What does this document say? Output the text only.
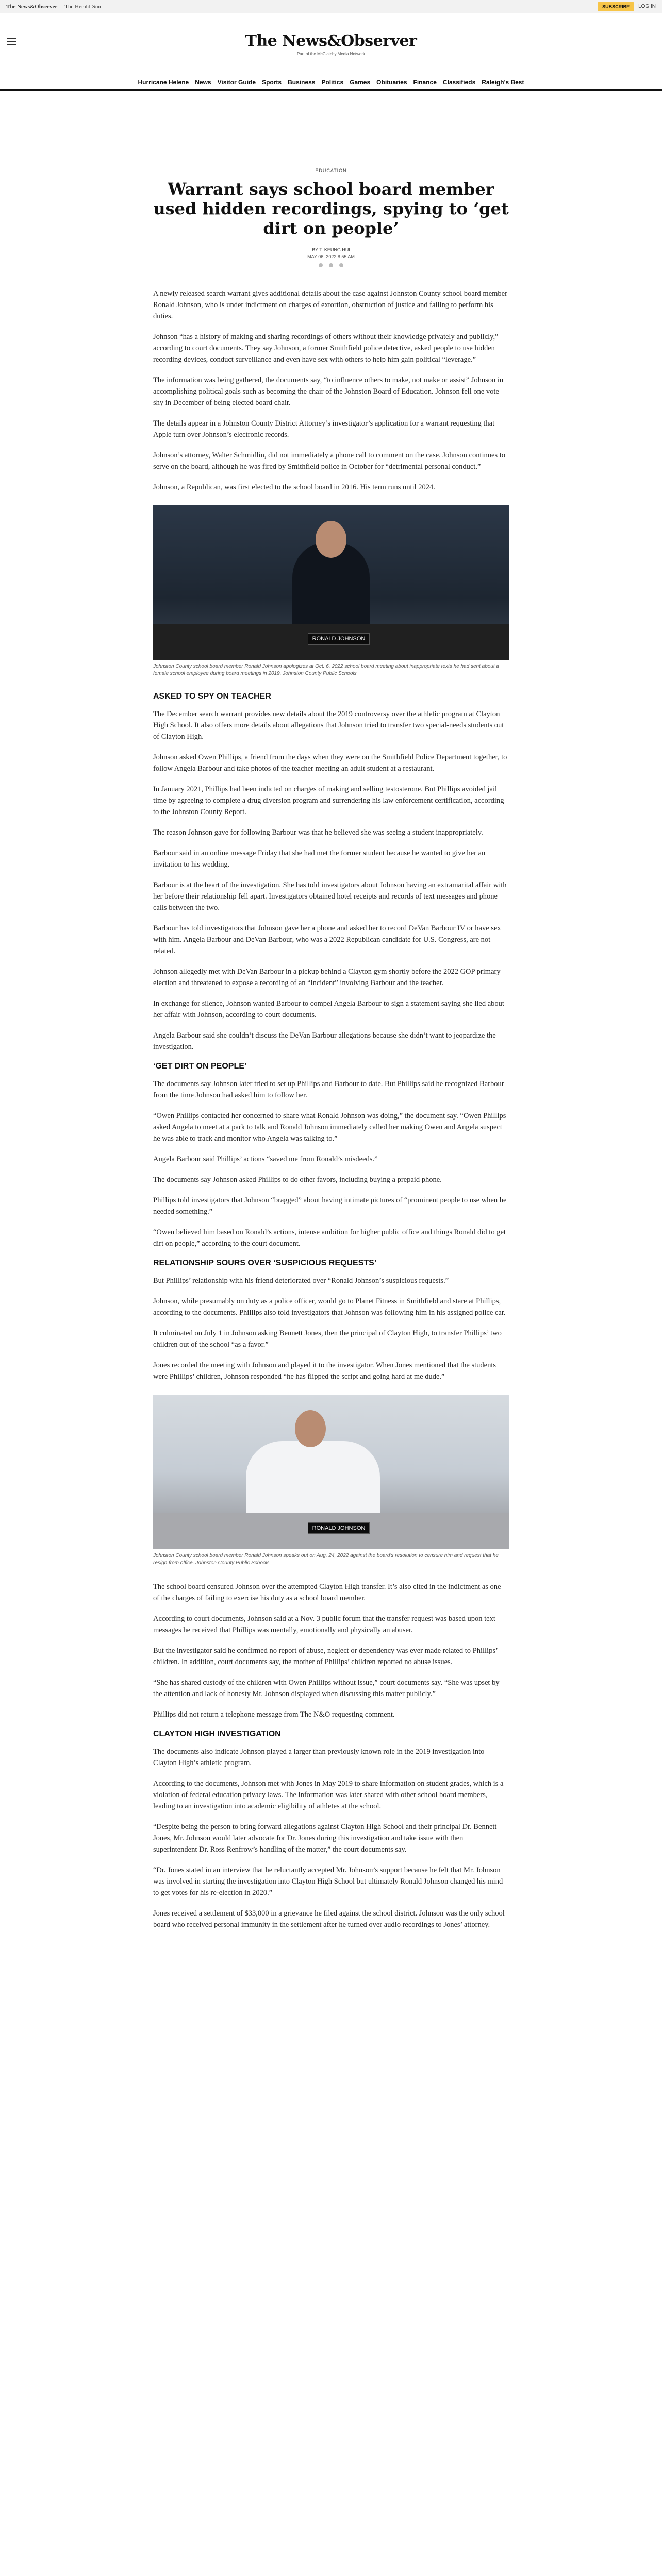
The News&Observer The Herald-Sun	SUBSCRIBE	LOG IN
The News&Observer
Part of the McClatchy Media Network
Hurricane Helene News Visitor Guide Sports Business Politics Games Obituaries Finance Classifieds Raleigh's Best
EDUCATION
Warrant says school board member used hidden recordings, spying to ‘get dirt on people’
BY T. KEUNG HUI
MAY 06, 2022 8:55 AM

A newly released search warrant gives additional details about the case against Johnston County school board member Ronald Johnson, who is under indictment on charges of extortion, obstruction of justice and failing to perform his duties.

Johnson “has a history of making and sharing recordings of others without their knowledge privately and publicly,” according to court documents. They say Johnson, a former Smithfield police detective, asked people to use hidden recording devices, conduct surveillance and even have sex with others to help him gain political “leverage.”

The information was being gathered, the documents say, “to influence others to make, not make or assist” Johnson in accomplishing political goals such as becoming the chair of the Johnston Board of Education. Johnson fell one vote shy in December of being elected board chair.

The details appear in a Johnston County District Attorney’s investigator’s application for a warrant requesting that Apple turn over Johnson’s electronic records.

Johnson’s attorney, Walter Schmidlin, did not immediately a phone call to comment on the case. Johnson continues to serve on the board, although he was fired by Smithfield police in October for “detrimental personal conduct.”

Johnson, a Republican, was first elected to the school board in 2016. His term runs until 2024.

RONALD JOHNSON
Johnston County school board member Ronald Johnson apologizes at Oct. 6, 2022 school board meeting about inappropriate texts he had sent about a female school employee during board meetings in 2019. Johnston County Public Schools
ASKED TO SPY ON TEACHER

The December search warrant provides new details about the 2019 controversy over the athletic program at Clayton High School. It also offers more details about allegations that Johnson tried to transfer two special-needs students out of Clayton High.

Johnson asked Owen Phillips, a friend from the days when they were on the Smithfield Police Department together, to follow Angela Barbour and take photos of the teacher meeting an adult student at a restaurant.

In January 2021, Phillips had been indicted on charges of making and selling testosterone. But Phillips avoided jail time by agreeing to complete a drug diversion program and surrendering his law enforcement certification, according to the Johnston County Report.

The reason Johnson gave for following Barbour was that he believed she was seeing a student inappropriately.

Barbour said in an online message Friday that she had met the former student because he wanted to give her an invitation to his wedding.

Barbour is at the heart of the investigation. She has told investigators about Johnson having an extramarital affair with her before their relationship fell apart. Investigators obtained hotel receipts and records of text messages and phone calls between the two.

Barbour has told investigators that Johnson gave her a phone and asked her to record DeVan Barbour IV or have sex with him. Angela Barbour and DeVan Barbour, who was a 2022 Republican candidate for U.S. Congress, are not related.

Johnson allegedly met with DeVan Barbour in a pickup behind a Clayton gym shortly before the 2022 GOP primary election and threatened to expose a recording of an “incident” involving Barbour and the teacher.

In exchange for silence, Johnson wanted Barbour to compel Angela Barbour to sign a statement saying she lied about her affair with Johnson, according to court documents.

Angela Barbour said she couldn’t discuss the DeVan Barbour allegations because she didn’t want to jeopardize the investigation.

‘GET DIRT ON PEOPLE’

The documents say Johnson later tried to set up Phillips and Barbour to date. But Phillips said he recognized Barbour from the time Johnson had asked him to follow her.

“Owen Phillips contacted her concerned to share what Ronald Johnson was doing,” the document say. “Owen Phillips asked Angela to meet at a park to talk and Ronald Johnson immediately called her making Owen and Angela suspect he was able to track and monitor who Angela was talking to.”

Angela Barbour said Phillips’ actions “saved me from Ronald’s misdeeds.”

The documents say Johnson asked Phillips to do other favors, including buying a prepaid phone.

Phillips told investigators that Johnson “bragged” about having intimate pictures of “prominent people to use when he needed something.”

“Owen believed him based on Ronald’s actions, intense ambition for higher public office and things Ronald did to get dirt on people,” according to the court document.

RELATIONSHIP SOURS OVER ‘SUSPICIOUS REQUESTS’

But Phillips’ relationship with his friend deteriorated over “Ronald Johnson’s suspicious requests.”

Johnson, while presumably on duty as a police officer, would go to Planet Fitness in Smithfield and stare at Phillips, according to the documents. Phillips also told investigators that Johnson was following him in his assigned police car.

It culminated on July 1 in Johnson asking Bennett Jones, then the principal of Clayton High, to transfer Phillips’ two children out of the school “as a favor.”

Jones recorded the meeting with Johnson and played it to the investigator. When Jones mentioned that the students were Phillips’ children, Johnson responded “he has flipped the script and going hard at me dude.”

RONALD JOHNSON
Johnston County school board member Ronald Johnson speaks out on Aug. 24, 2022 against the board’s resolution to censure him and request that he resign from office. Johnston County Public Schools

The school board censured Johnson over the attempted Clayton High transfer. It’s also cited in the indictment as one of the charges of failing to exercise his duty as a school board member.

According to court documents, Johnson said at a Nov. 3 public forum that the transfer request was based upon text messages he received that Phillips was mentally, emotionally and physically an abuser.

But the investigator said he confirmed no report of abuse, neglect or dependency was ever made related to Phillips’ children. In addition, court documents say, the mother of Phillips’ children reported no abuse issues.

“She has shared custody of the children with Owen Phillips without issue,” court documents say. “She was upset by the attention and lack of honesty Mr. Johnson displayed when discussing this matter publicly.”

Phillips did not return a telephone message from The N&O requesting comment.

CLAYTON HIGH INVESTIGATION

The documents also indicate Johnson played a larger than previously known role in the 2019 investigation into Clayton High’s athletic program.

According to the documents, Johnson met with Jones in May 2019 to share information on student grades, which is a violation of federal education privacy laws. The information was later shared with other school board members, leading to an investigation into academic eligibility of athletes at the school.

“Despite being the person to bring forward allegations against Clayton High School and their principal Dr. Bennett Jones, Mr. Johnson would later advocate for Dr. Jones during this investigation and take issue with then superintendent Dr. Ross Renfrow’s handling of the matter,” the court documents say.

“Dr. Jones stated in an interview that he reluctantly accepted Mr. Johnson’s support because he felt that Mr. Johnson was involved in starting the investigation into Clayton High School but ultimately Ronald Johnson changed his mind to get votes for his re-election in 2020.”

Jones received a settlement of $33,000 in a grievance he filed against the school district. Johnson was the only school board who received personal immunity in the settlement after he turned over audio recordings to Jones’ attorney.
